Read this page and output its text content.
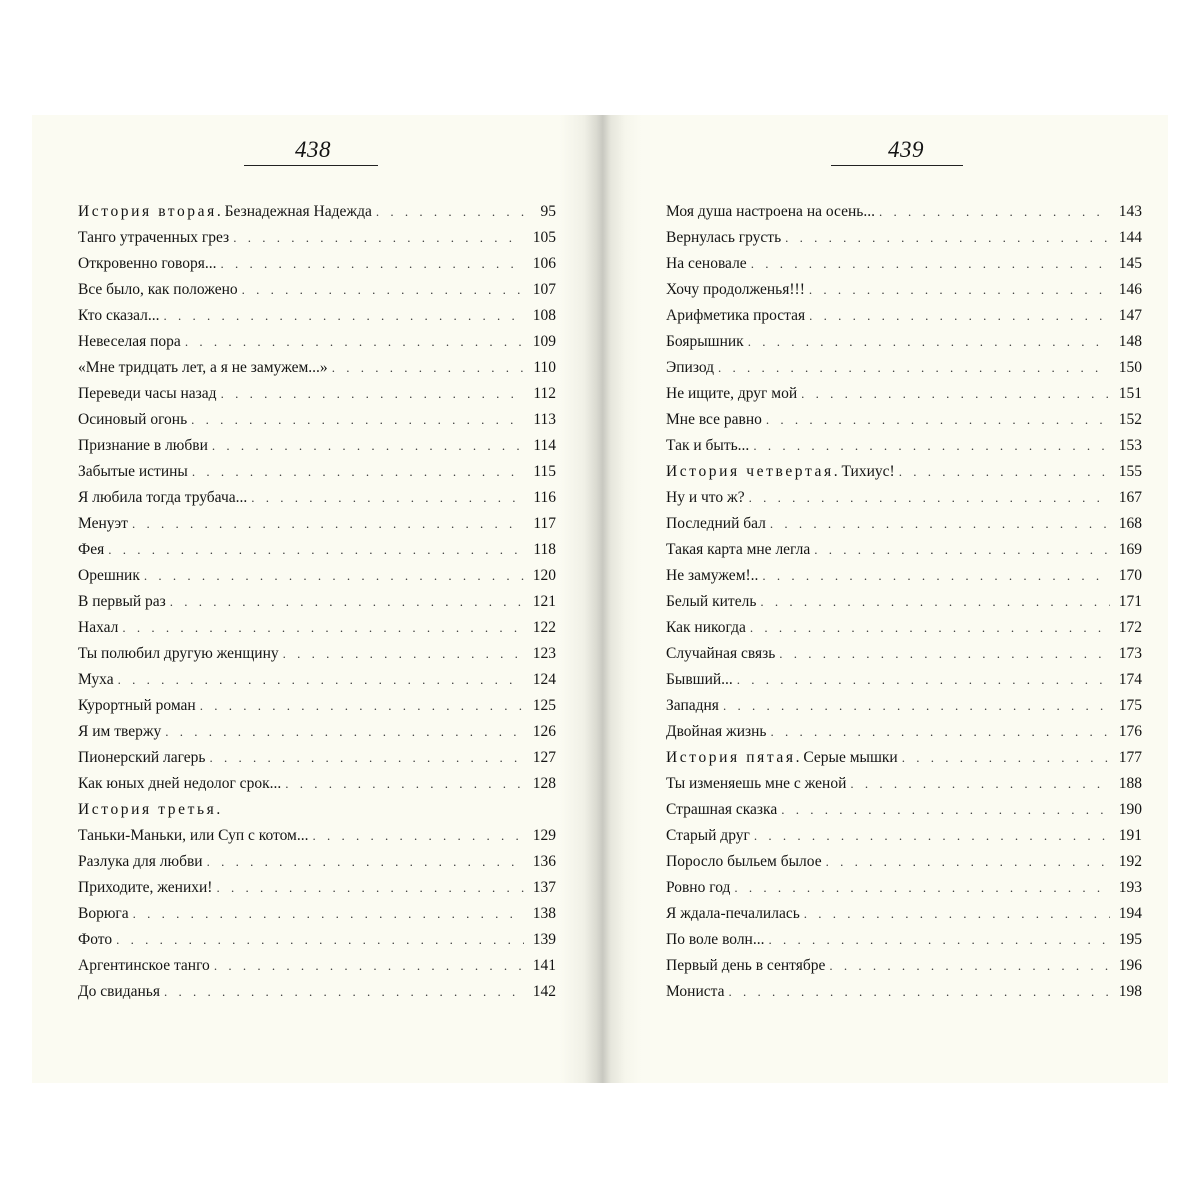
438
История вторая. Безнадежная Надежда . . .	95
Танго утраченных грез . . .	105
Откровенно говоря... . . .	106
Все было, как положено . . .	107
Кто сказал... . . .	108
Невеселая пора . . .	109
«Мне тридцать лет, а я не замужем...» . . .	110
Переведи часы назад . . .	112
Осиновый огонь . . .	113
Признание в любви . . .	114
Забытые истины . . .	115
Я любила тогда трубача... . . .	116
Менуэт . . .	117
Фея . . .	118
Орешник . . .	120
В первый раз . . .	121
Нахал . . .	122
Ты полюбил другую женщину . . .	123
Муха . . .	124
Курортный роман . . .	125
Я им твержу . . .	126
Пионерский лагерь . . .	127
Как юных дней недолог срок... . . .	128
История третья.
Таньки-Маньки, или Суп с котом... . . .	129
Разлука для любви . . .	136
Приходите, женихи! . . .	137
Ворюга . . .	138
Фото . . .	139
Аргентинское танго . . .	141
До свиданья . . .	142
439
Моя душа настроена на осень... . . .	143
Вернулась грусть . . .	144
На сеновале . . .	145
Хочу продолженья!!! . . .	146
Арифметика простая . . .	147
Боярышник . . .	148
Эпизод . . .	150
Не ищите, друг мой . . .	151
Мне все равно . . .	152
Так и быть... . . .	153
История четвертая. Тихиус! . . .	155
Ну и что ж? . . .	167
Последний бал . . .	168
Такая карта мне легла . . .	169
Не замужем!.. . . .	170
Белый китель . . .	171
Как никогда . . .	172
Случайная связь . . .	173
Бывший... . . .	174
Западня . . .	175
Двойная жизнь . . .	176
История пятая. Серые мышки . . .	177
Ты изменяешь мне с женой . . .	188
Страшная сказка . . .	190
Старый друг . . .	191
Поросло быльем былое . . .	192
Ровно год . . .	193
Я ждала-печалилась . . .	194
По воле волн... . . .	195
Первый день в сентябре . . .	196
Мониста . . .	198
